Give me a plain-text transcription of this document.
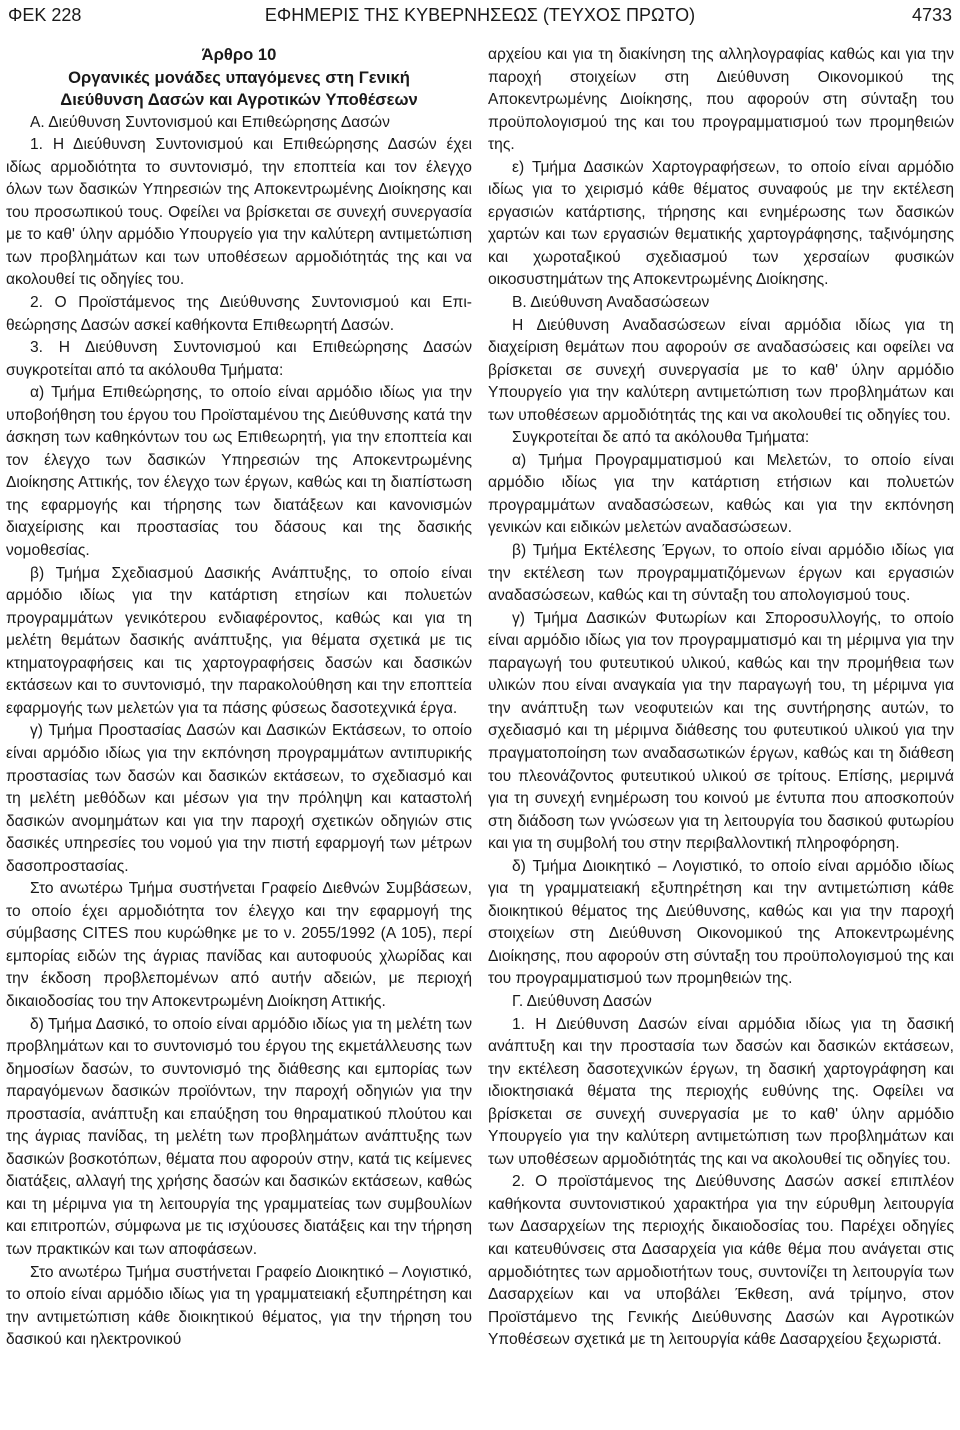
ΦΕΚ 228	ΕΦΗΜΕΡΙΣ ΤΗΣ ΚΥΒΕΡΝΗΣΕΩΣ (ΤΕΥΧΟΣ ΠΡΩΤΟ)	4733

Άρθρο 10

Οργανικές μονάδες υπαγόμενες στη Γενική Διεύθυνση Δασών και Αγροτικών Υποθέσεων

Α. Διεύθυνση Συντονισμού και Επιθεώρησης Δασών

1. Η Διεύθυνση Συντονισμού και Επιθεώρησης Δασών έχει ιδίως αρμοδιότητα το συντονισμό, την εποπτεία και τον έλεγχο όλων των δασικών Υπηρεσιών της Αποκεντρωμένης Διοίκησης και του προσωπικού τους. Οφείλει να βρίσκεται σε συνεχή συνεργασία με το καθ' ύλην αρμόδιο Υπουργείο για την καλύτερη αντιμετώπιση των προβλημάτων και των υποθέσεων αρμοδιότητάς της και να ακολουθεί τις οδηγίες του.

2. Ο Προϊστάμενος της Διεύθυνσης Συντονισμού και Επιθεώρησης Δασών ασκεί καθήκοντα Επιθεωρητή Δασών.

3. Η Διεύθυνση Συντονισμού και Επιθεώρησης Δασών συγκροτείται από τα ακόλουθα Τμήματα:

α) Τμήμα Επιθεώρησης, το οποίο είναι αρμόδιο ιδίως για την υποβοήθηση του έργου του Προϊσταμένου της Διεύθυνσης κατά την άσκηση των καθηκόντων του ως Επιθεωρητή, για την εποπτεία και τον έλεγχο των δασικών Υπηρεσιών της Αποκεντρωμένης Διοίκησης Αττικής, τον έλεγχο των έργων, καθώς και τη διαπίστωση της εφαρμογής και τήρησης των διατάξεων και κανονισμών διαχείρισης και προστασίας του δάσους και της δασικής νομοθεσίας.

β) Τμήμα Σχεδιασμού Δασικής Ανάπτυξης, το οποίο είναι αρμόδιο ιδίως για την κατάρτιση ετησίων και πολυετών προγραμμάτων γενικότερου ενδιαφέροντος, καθώς και για τη μελέτη θεμάτων δασικής ανάπτυξης, για θέματα σχετικά με τις κτηματογραφήσεις και τις χαρτογραφήσεις δασών και δασικών εκτάσεων και το συντονισμό, την παρακολούθηση και την εποπτεία εφαρμογής των μελετών για τα πάσης φύσεως δασοτεχνικά έργα.

γ) Τμήμα Προστασίας Δασών και Δασικών Εκτάσεων, το οποίο είναι αρμόδιο ιδίως για την εκπόνηση προγραμμάτων αντιπυρικής προστασίας των δασών και δασικών εκτάσεων, το σχεδιασμό και τη μελέτη μεθόδων και μέσων για την πρόληψη και καταστολή δασικών ανομημάτων και για την παροχή σχετικών οδηγιών στις δασικές υπηρεσίες του νομού για την πιστή εφαρμογή των μέτρων δασοπροστασίας.

Στο ανωτέρω Τμήμα συστήνεται Γραφείο Διεθνών Συμβάσεων, το οποίο έχει αρμοδιότητα τον έλεγχο και την εφαρμογή της σύμβασης CITES που κυρώθηκε με το ν. 2055/1992 (Α 105), περί εμπορίας ειδών της άγριας πανίδας και αυτοφυούς χλωρίδας και την έκδοση προβλεπομένων από αυτήν αδειών, με περιοχή δικαιοδοσίας του την Αποκεντρωμένη Διοίκηση Αττικής.

δ) Τμήμα Δασικό, το οποίο είναι αρμόδιο ιδίως για τη μελέτη των προβλημάτων και το συντονισμό του έργου της εκμετάλλευσης των δημοσίων δασών, το συντονισμό της διάθεσης και εμπορίας των παραγόμενων δασικών προϊόντων, την παροχή οδηγιών για την προστασία, ανάπτυξη και επαύξηση του θηραματικού πλούτου και της άγριας πανίδας, τη μελέτη των προβλημάτων ανάπτυξης των δασικών βοσκοτόπων, θέματα που αφορούν στην, κατά τις κείμενες διατάξεις, αλλαγή της χρήσης δασών και δασικών εκτάσεων, καθώς και τη μέριμνα για τη λειτουργία της γραμματείας των συμβουλίων και επιτροπών, σύμφωνα με τις ισχύουσες διατάξεις και την τήρηση των πρακτικών και των αποφάσεων.

Στο ανωτέρω Τμήμα συστήνεται Γραφείο Διοικητικό – Λογιστικό, το οποίο είναι αρμόδιο ιδίως για τη γραμματειακή εξυπηρέτηση και την αντιμετώπιση κάθε διοικητικού θέματος, για την τήρηση του δασικού και ηλεκτρονικού

αρχείου και για τη διακίνηση της αλληλογραφίας καθώς και για την παροχή στοιχείων στη Διεύθυνση Οικονομικού της Αποκεντρωμένης Διοίκησης, που αφορούν στη σύνταξη του προϋπολογισμού της και του προγραμματισμού των προμηθειών της.

ε) Τμήμα Δασικών Χαρτογραφήσεων, το οποίο είναι αρμόδιο ιδίως για το χειρισμό κάθε θέματος συναφούς με την εκτέλεση εργασιών κατάρτισης, τήρησης και ενημέρωσης των δασικών χαρτών και των εργασιών θεματικής χαρτογράφησης, ταξινόμησης και χωροταξικού σχεδιασμού των χερσαίων φυσικών οικοσυστημάτων της Αποκεντρωμένης Διοίκησης.

Β. Διεύθυνση Αναδασώσεων

Η Διεύθυνση Αναδασώσεων είναι αρμόδια ιδίως για τη διαχείριση θεμάτων που αφορούν σε αναδασώσεις και οφείλει να βρίσκεται σε συνεχή συνεργασία με το καθ' ύλην αρμόδιο Υπουργείο για την καλύτερη αντιμετώπιση των προβλημάτων και των υποθέσεων αρμοδιότητάς της και να ακολουθεί τις οδηγίες του.

Συγκροτείται δε από τα ακόλουθα Τμήματα:

α) Τμήμα Προγραμματισμού και Μελετών, το οποίο είναι αρμόδιο ιδίως για την κατάρτιση ετήσιων και πολυετών προγραμμάτων αναδασώσεων, καθώς και για την εκπόνηση γενικών και ειδικών μελετών αναδασώσεων.

β) Τμήμα Εκτέλεσης Έργων, το οποίο είναι αρμόδιο ιδίως για την εκτέλεση των προγραμματιζόμενων έργων και εργασιών αναδασώσεων, καθώς και τη σύνταξη του απολογισμού τους.

γ) Τμήμα Δασικών Φυτωρίων και Σποροσυλλογής, το οποίο είναι αρμόδιο ιδίως για τον προγραμματισμό και τη μέριμνα για την παραγωγή του φυτευτικού υλικού, καθώς και την προμήθεια των υλικών που είναι αναγκαία για την παραγωγή του, τη μέριμνα για την ανάπτυξη των νεοφυτειών και της συντήρησης αυτών, το σχεδιασμό και τη μέριμνα διάθεσης του φυτευτικού υλικού για την πραγματοποίηση των αναδασωτικών έργων, καθώς και τη διάθεση του πλεονάζοντος φυτευτικού υλικού σε τρίτους. Επίσης, μεριμνά για τη συνεχή ενημέρωση του κοινού με έντυπα που αποσκοπούν στη διάδοση των γνώσεων για τη λειτουργία του δασικού φυτωρίου και για τη συμβολή του στην περιβαλλοντική πληροφόρηση.

δ) Τμήμα Διοικητικό – Λογιστικό, το οποίο είναι αρμόδιο ιδίως για τη γραμματειακή εξυπηρέτηση και την αντιμετώπιση κάθε διοικητικού θέματος της Διεύθυνσης, καθώς και για την παροχή στοιχείων στη Διεύθυνση Οικονομικού της Αποκεντρωμένης Διοίκησης, που αφορούν στη σύνταξη του προϋπολογισμού της και του προγραμματισμού των προμηθειών της.

Γ. Διεύθυνση Δασών

1. Η Διεύθυνση Δασών είναι αρμόδια ιδίως για τη δασική ανάπτυξη και την προστασία των δασών και δασικών εκτάσεων, την εκτέλεση δασοτεχνικών έργων, τη δασική χαρτογράφηση και ιδιοκτησιακά θέματα της περιοχής ευθύνης της. Οφείλει να βρίσκεται σε συνεχή συνεργασία με το καθ' ύλην αρμόδιο Υπουργείο για την καλύτερη αντιμετώπιση των προβλημάτων και των υποθέσεων αρμοδιότητάς της και να ακολουθεί τις οδηγίες του.

2. Ο προϊστάμενος της Διεύθυνσης Δασών ασκεί επιπλέον καθήκοντα συντονιστικού χαρακτήρα για την εύρυθμη λειτουργία των Δασαρχείων της περιοχής δικαιοδοσίας του. Παρέχει οδηγίες και κατευθύνσεις στα Δασαρχεία για κάθε θέμα που ανάγεται στις αρμοδιότητες των αρμοδιοτήτων τους, συντονίζει τη λειτουργία των Δασαρχείων και να υποβάλει Έκθεση, ανά τρίμηνο, στον Προϊστάμενο της Γενικής Διεύθυνσης Δασών και Αγροτικών Υποθέσεων σχετικά με τη λειτουργία κάθε Δασαρχείου ξεχωριστά.
